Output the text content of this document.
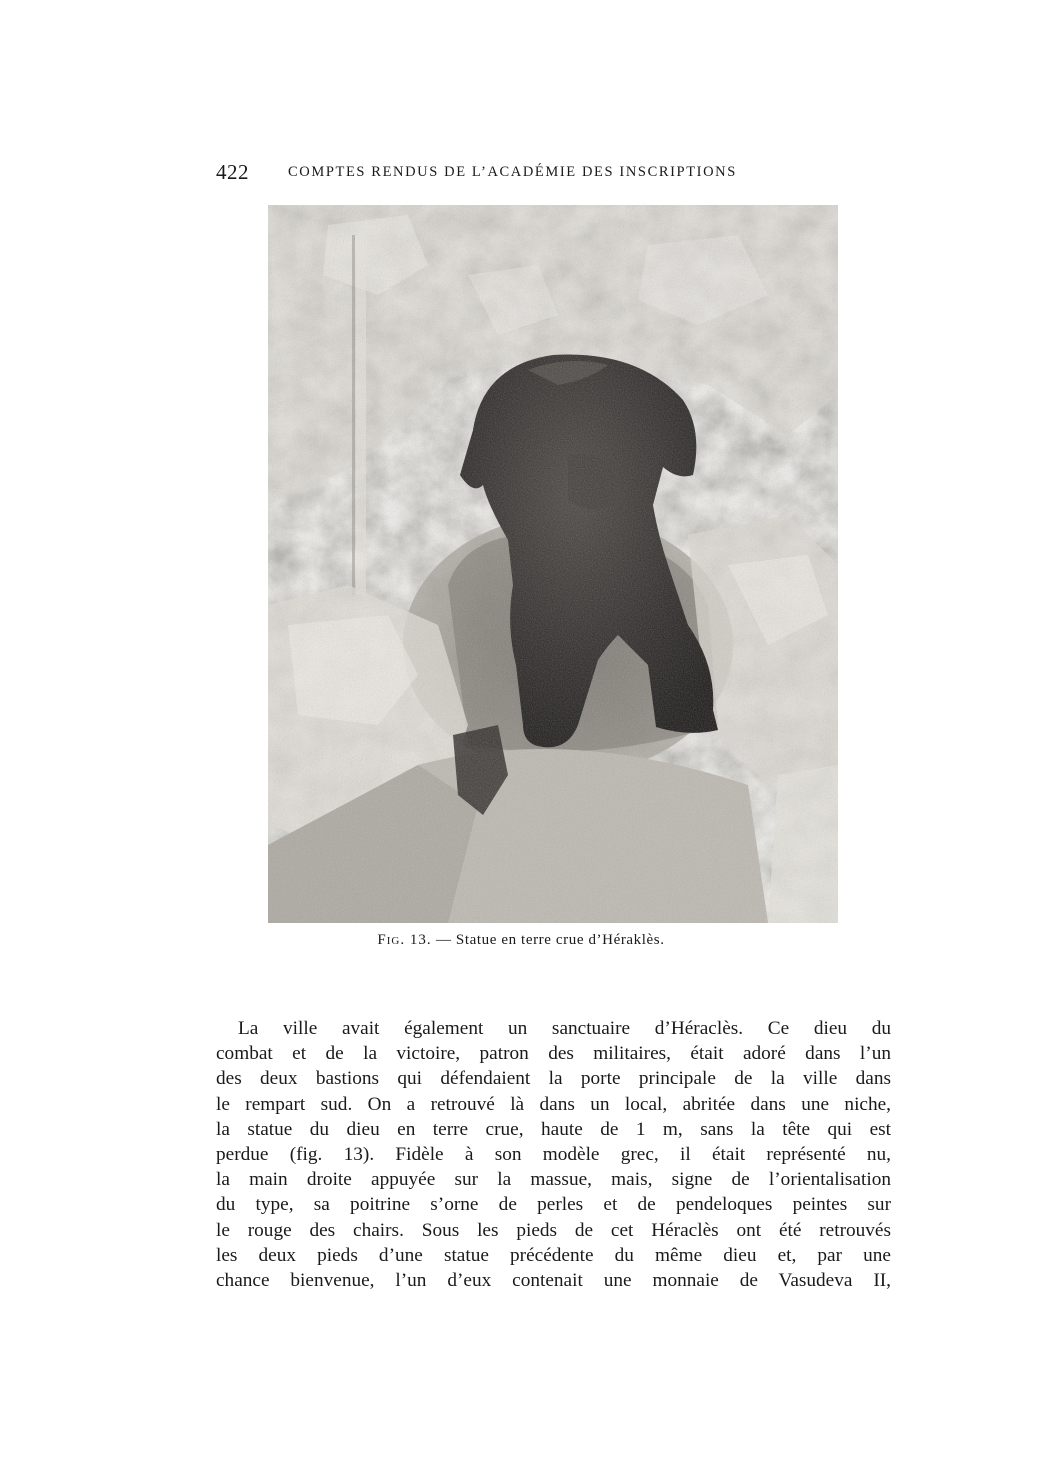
422	COMPTES RENDUS DE L’ACADÉMIE DES INSCRIPTIONS
Fig. 13. — Statue en terre crue d’Héraklès.
La ville avait également un sanctuaire d’Héraclès. Ce dieu du
combat et de la victoire, patron des militaires, était adoré dans l’un
des deux bastions qui défendaient la porte principale de la ville dans
le rempart sud. On a retrouvé là dans un local, abritée dans une niche,
la statue du dieu en terre crue, haute de 1 m, sans la tête qui est
perdue (fig. 13). Fidèle à son modèle grec, il était représenté nu,
la main droite appuyée sur la massue, mais, signe de l’orientalisation
du type, sa poitrine s’orne de perles et de pendeloques peintes sur
le rouge des chairs. Sous les pieds de cet Héraclès ont été retrouvés
les deux pieds d’une statue précédente du même dieu et, par une
chance bienvenue, l’un d’eux contenait une monnaie de Vasudeva II,
